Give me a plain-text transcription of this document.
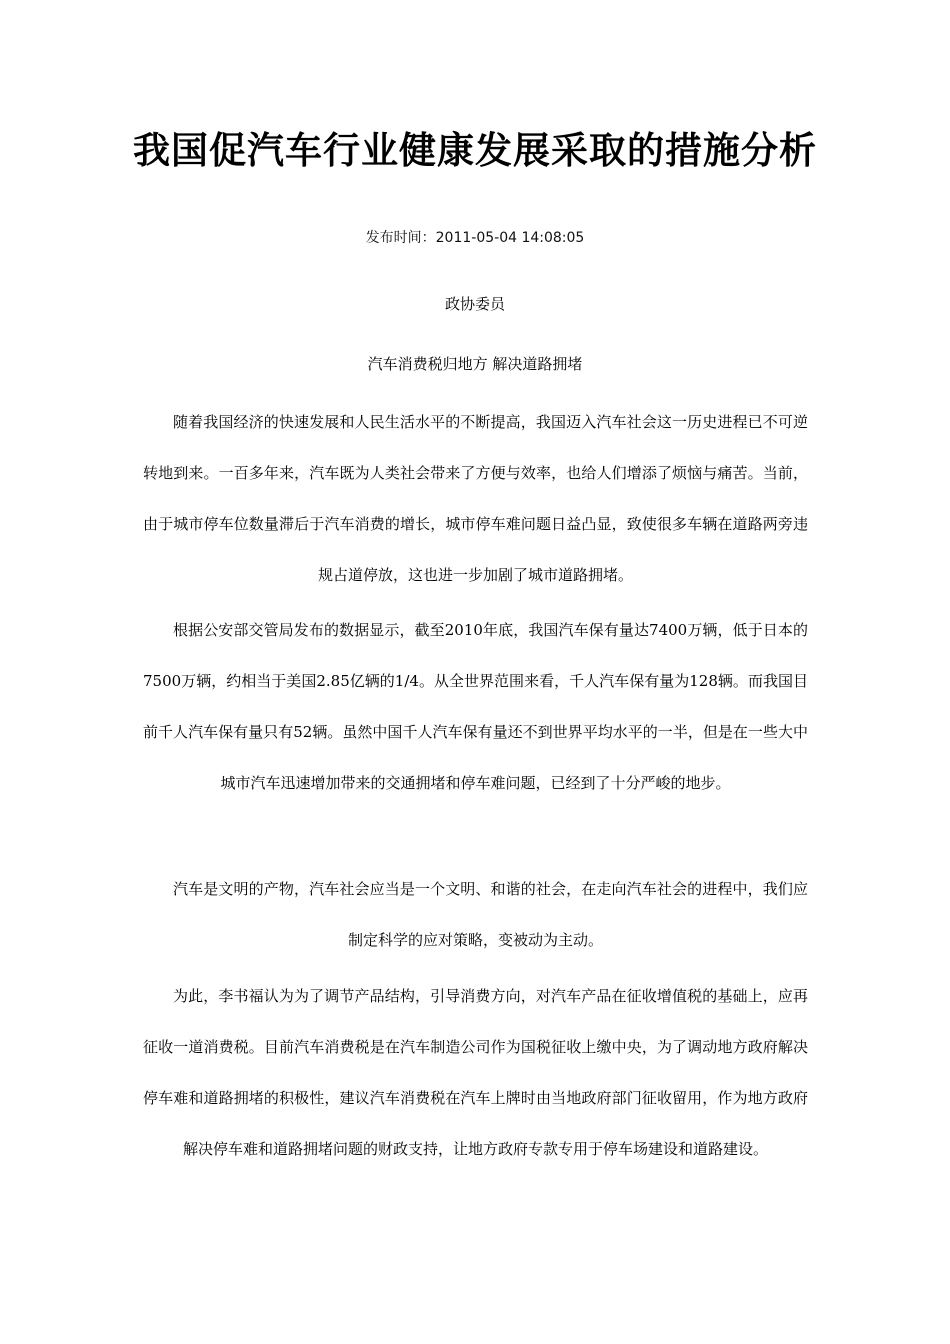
我国促汽车行业健康发展采取的措施分析
发布时间：2011-05-04 14:08:05
政协委员
汽车消费税归地方 解决道路拥堵

随着我国经济的快速发展和人民生活水平的不断提高，我国迈入汽车社会这一历史进程已不可逆转地到来。一百多年来，汽车既为人类社会带来了方便与效率，也给人们增添了烦恼与痛苦。当前，由于城市停车位数量滞后于汽车消费的增长，城市停车难问题日益凸显，致使很多车辆在道路两旁违规占道停放，这也进一步加剧了城市道路拥堵。

根据公安部交管局发布的数据显示，截至2010年底，我国汽车保有量达7400万辆，低于日本的7500万辆，约相当于美国2.85亿辆的1/4。从全世界范围来看，千人汽车保有量为128辆。而我国目前千人汽车保有量只有52辆。虽然中国千人汽车保有量还不到世界平均水平的一半，但是在一些大中城市汽车迅速增加带来的交通拥堵和停车难问题，已经到了十分严峻的地步。

汽车是文明的产物，汽车社会应当是一个文明、和谐的社会，在走向汽车社会的进程中，我们应制定科学的应对策略，变被动为主动。

为此，李书福认为为了调节产品结构，引导消费方向，对汽车产品在征收增值税的基础上，应再征收一道消费税。目前汽车消费税是在汽车制造公司作为国税征收上缴中央，为了调动地方政府解决停车难和道路拥堵的积极性，建议汽车消费税在汽车上牌时由当地政府部门征收留用，作为地方政府解决停车难和道路拥堵问题的财政支持，让地方政府专款专用于停车场建设和道路建设。
